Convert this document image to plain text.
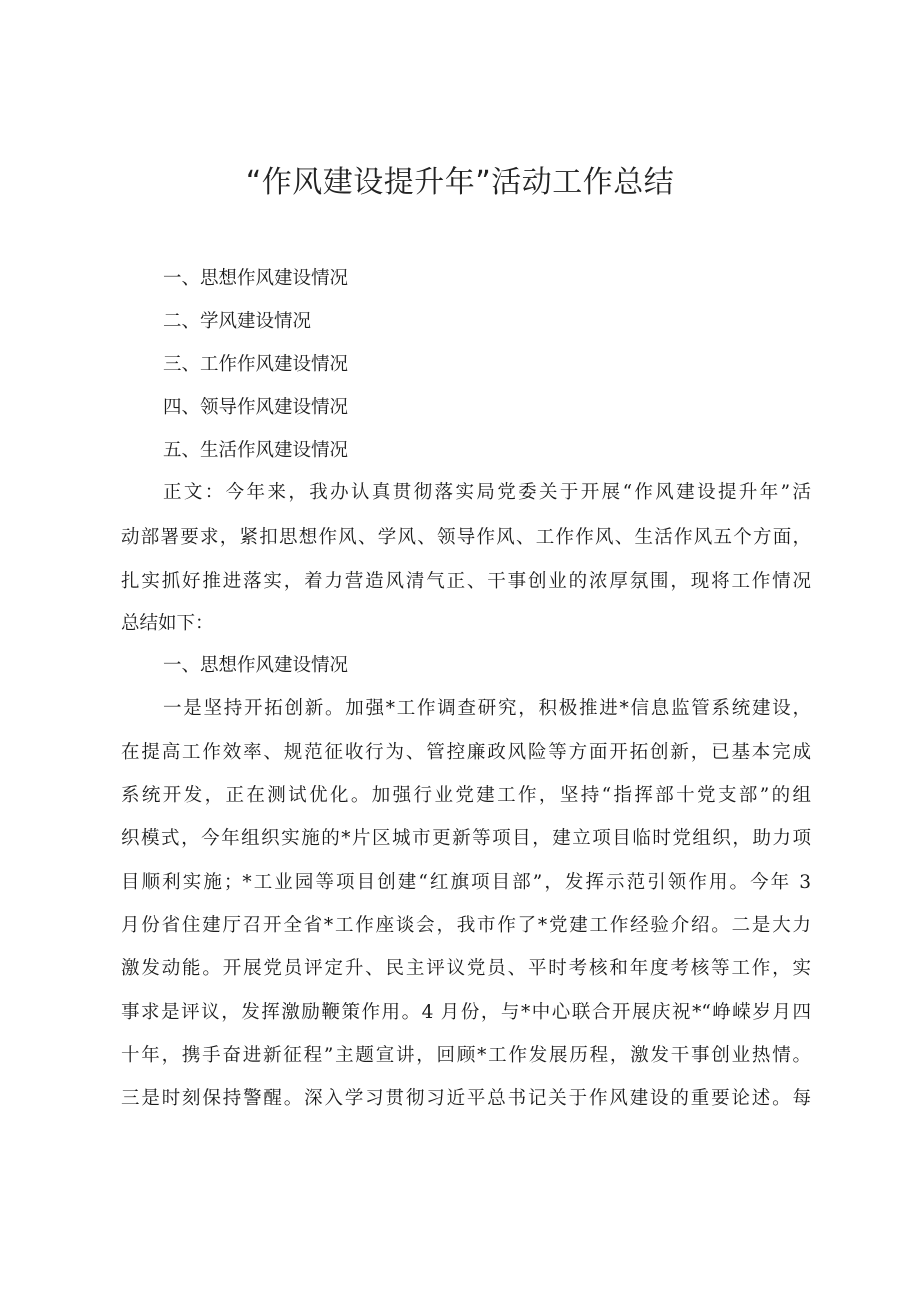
“作风建设提升年”活动工作总结
一、思想作风建设情况
二、学风建设情况
三、工作作风建设情况
四、领导作风建设情况
五、生活作风建设情况
正文：今年来，我办认真贯彻落实局党委关于开展“作风建设提升年”活
动部署要求，紧扣思想作风、学风、领导作风、工作作风、生活作风五个方面，
扎实抓好推进落实，着力营造风清气正、干事创业的浓厚氛围，现将工作情况
总结如下：
一、思想作风建设情况
一是坚持开拓创新。加强*工作调查研究，积极推进*信息监管系统建设，
在提高工作效率、规范征收行为、管控廉政风险等方面开拓创新，已基本完成
系统开发，正在测试优化。加强行业党建工作，坚持“指挥部十党支部”的组
织模式，今年组织实施的*片区城市更新等项目，建立项目临时党组织，助力项
目顺利实施；*工业园等项目创建“红旗项目部”，发挥示范引领作用。今年 3
月份省住建厅召开全省*工作座谈会，我市作了*党建工作经验介绍。二是大力
激发动能。开展党员评定升、民主评议党员、平时考核和年度考核等工作，实
事求是评议，发挥激励鞭策作用。4 月份，与*中心联合开展庆祝*“峥嵘岁月四
十年，携手奋进新征程”主题宣讲，回顾*工作发展历程，激发干事创业热情。
三是时刻保持警醒。深入学习贯彻习近平总书记关于作风建设的重要论述。每
